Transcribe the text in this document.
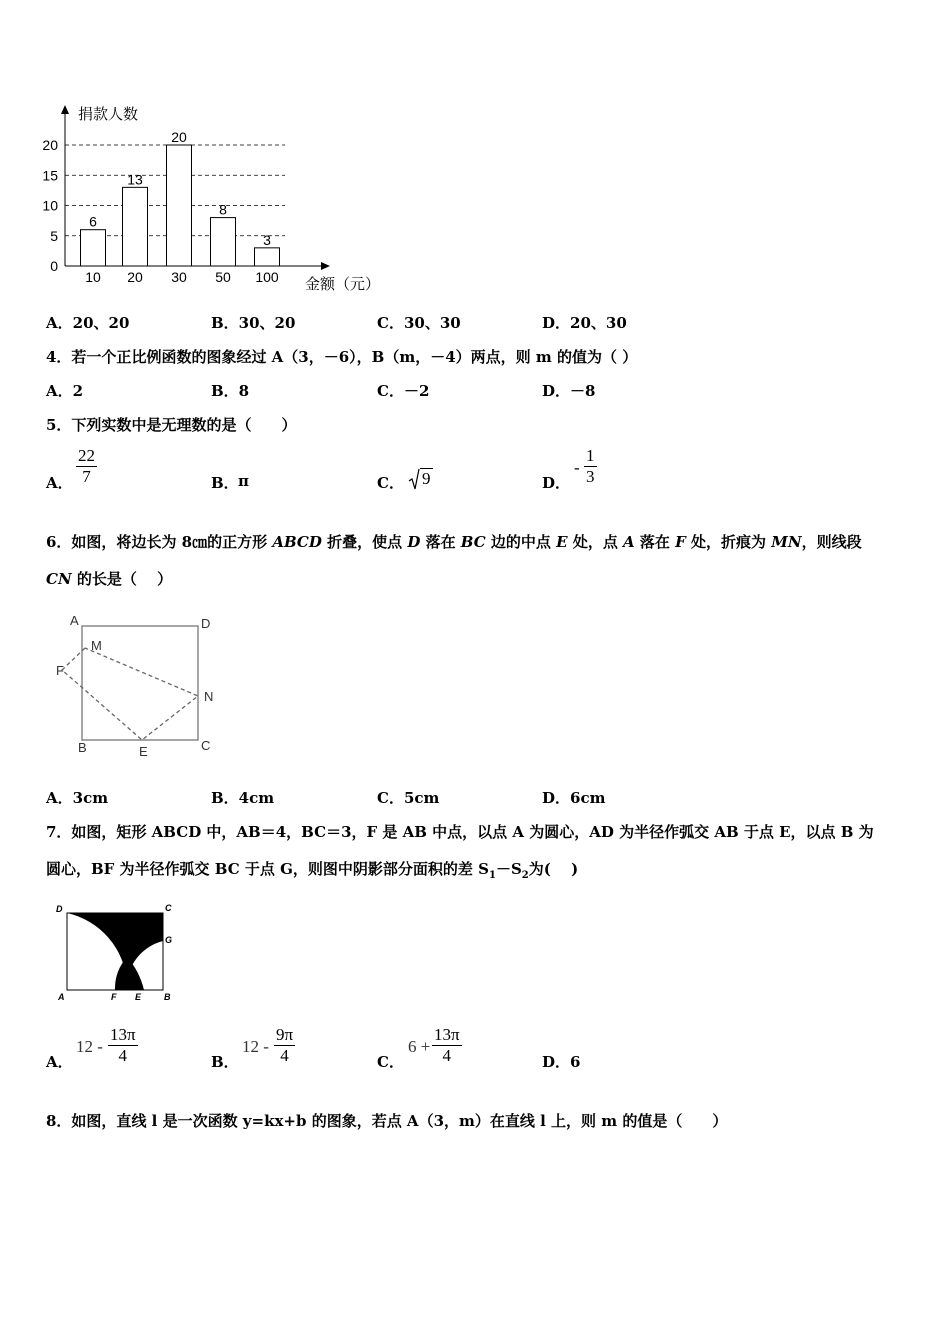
捐款人数
金额（元）
0
5
10
15
20
6
13
20
8
3
10 20 30 50 100
A．20、20	B．30、20	C．30、30	D．20、30
4．若一个正比例函数的图象经过 A（3，－6），B（m，－4）两点，则 m 的值为（ ）
A．2	B．8	C．－2	D．－8
5．下列实数中是无理数的是（　　）
A． $\frac{22}{7}$	B． π	C． 9	D．
- $\frac{1}{3}$
6．如图，将边长为 8㎝的正方形 ABCD 折叠，使点 D 落在 BC 边的中点 E 处，点 A 落在 F 处，折痕为 MN，则线段
CN 的长是（　 ）
A	D
M
F
N
B	E	C
A．3cm	B．4cm	C．5cm	D．6cm
7．如图，矩形 ABCD 中，AB＝4，BC＝3，F 是 AB 中点，以点 A 为圆心，AD 为半径作弧交 AB 于点 E，以点 B 为
圆心，BF 为半径作弧交 BC 于点 G，则图中阴影部分面积的差 $S_1-S_2$为(　 )
D	C
G
A	F E	B
A．
$12 - \frac{13\pi}{4}$	B．
$12 - \frac{9\pi}{4}$	C．
$6 + \frac{13\pi}{4}$	D．6
8．如图，直线 l 是一次函数 y=kx+b 的图象，若点 A（3，m）在直线 l 上，则 m 的值是（　　）
